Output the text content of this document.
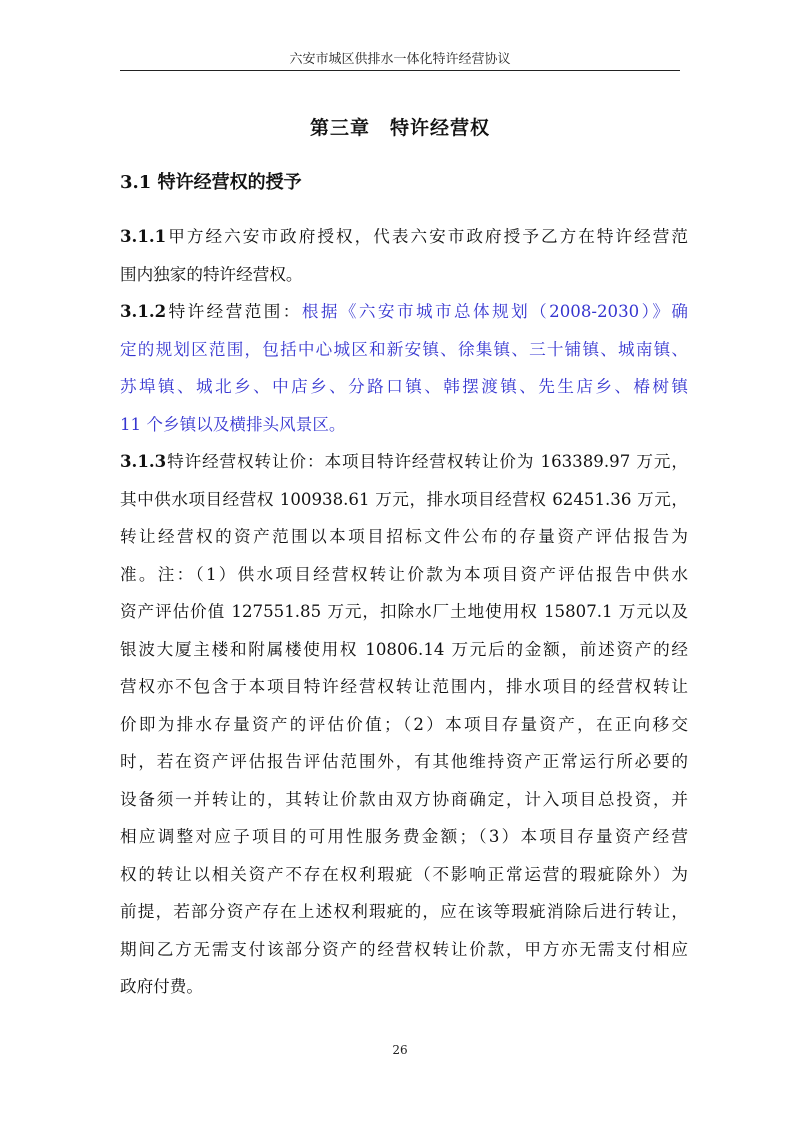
六安市城区供排水一体化特许经营协议
第三章 特许经营权
3.1 特许经营权的授予
3.1.1甲方经六安市政府授权，代表六安市政府授予乙方在特许经营范
围内独家的特许经营权。
3.1.2特许经营范围：根据《六安市城市总体规划（2008-2030）》确
定的规划区范围，包括中心城区和新安镇、徐集镇、三十铺镇、城南镇、
苏埠镇、城北乡、中店乡、分路口镇、韩摆渡镇、先生店乡、椿树镇
11 个乡镇以及横排头风景区。
3.1.3特许经营权转让价：本项目特许经营权转让价为 163389.97 万元，
其中供水项目经营权 100938.61 万元，排水项目经营权 62451.36 万元，
转让经营权的资产范围以本项目招标文件公布的存量资产评估报告为
准。注：（1）供水项目经营权转让价款为本项目资产评估报告中供水
资产评估价值 127551.85 万元，扣除水厂土地使用权 15807.1 万元以及
银波大厦主楼和附属楼使用权 10806.14 万元后的金额，前述资产的经
营权亦不包含于本项目特许经营权转让范围内，排水项目的经营权转让
价即为排水存量资产的评估价值；（2）本项目存量资产，在正向移交
时，若在资产评估报告评估范围外，有其他维持资产正常运行所必要的
设备须一并转让的，其转让价款由双方协商确定，计入项目总投资，并
相应调整对应子项目的可用性服务费金额；（3）本项目存量资产经营
权的转让以相关资产不存在权利瑕疵（不影响正常运营的瑕疵除外）为
前提，若部分资产存在上述权利瑕疵的，应在该等瑕疵消除后进行转让，
期间乙方无需支付该部分资产的经营权转让价款，甲方亦无需支付相应
政府付费。
26
